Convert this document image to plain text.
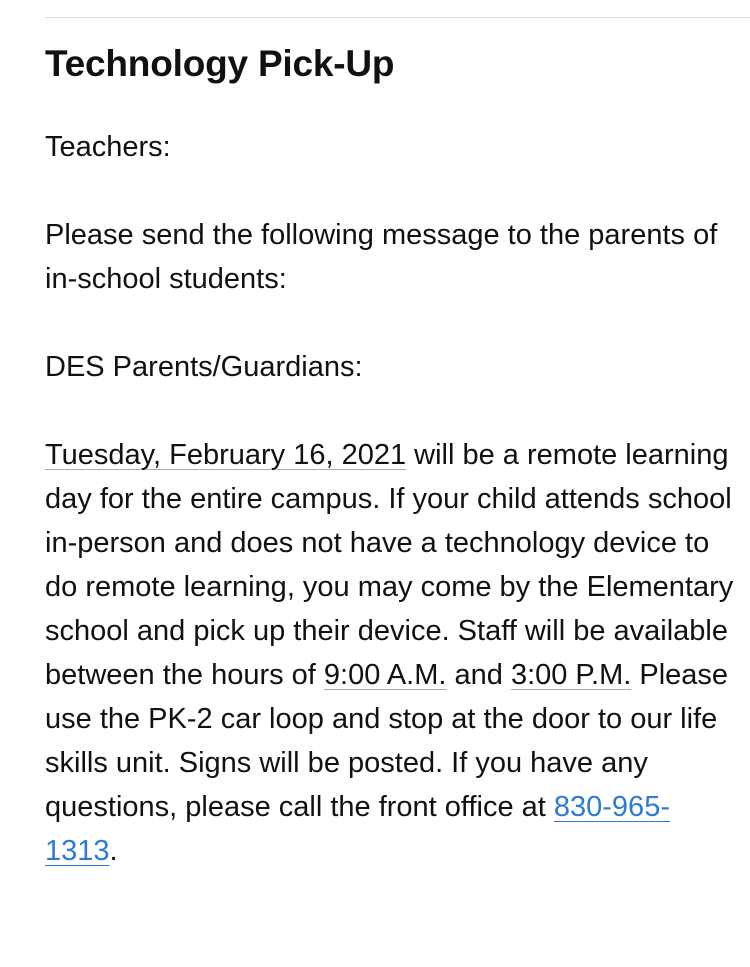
Technology Pick-Up
Teachers:
Please send the following message to the parents of in-school students:
DES Parents/Guardians:
Tuesday, February 16, 2021 will be a remote learning day for the entire campus. If your child attends school in-person and does not have a technology device to do remote learning, you may come by the Elementary school and pick up their device. Staff will be available between the hours of 9:00 A.M. and 3:00 P.M. Please use the PK-2 car loop and stop at the door to our life skills unit. Signs will be posted. If you have any questions, please call the front office at 830-965-1313.
